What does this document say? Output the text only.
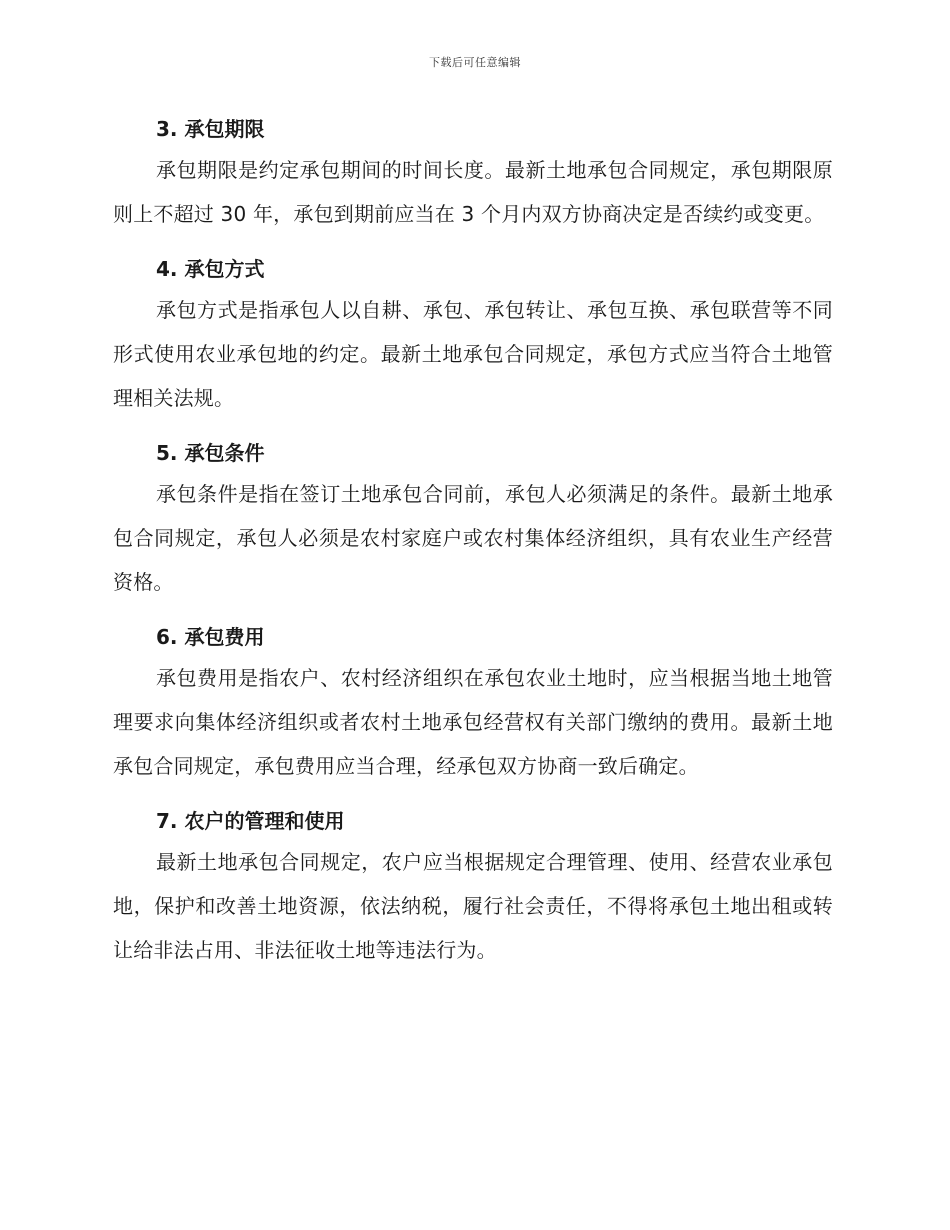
下载后可任意编辑
3. 承包期限

承包期限是约定承包期间的时间长度。最新土地承包合同规定，承包期限原则上不超过 30 年，承包到期前应当在 3 个月内双方协商决定是否续约或变更。

4. 承包方式

承包方式是指承包人以自耕、承包、承包转让、承包互换、承包联营等不同形式使用农业承包地的约定。最新土地承包合同规定，承包方式应当符合土地管理相关法规。

5. 承包条件

承包条件是指在签订土地承包合同前，承包人必须满足的条件。最新土地承包合同规定，承包人必须是农村家庭户或农村集体经济组织，具有农业生产经营资格。

6. 承包费用

承包费用是指农户、农村经济组织在承包农业土地时，应当根据当地土地管理要求向集体经济组织或者农村土地承包经营权有关部门缴纳的费用。最新土地承包合同规定，承包费用应当合理，经承包双方协商一致后确定。

7. 农户的管理和使用

最新土地承包合同规定，农户应当根据规定合理管理、使用、经营农业承包地，保护和改善土地资源，依法纳税，履行社会责任，不得将承包土地出租或转让给非法占用、非法征收土地等违法行为。
